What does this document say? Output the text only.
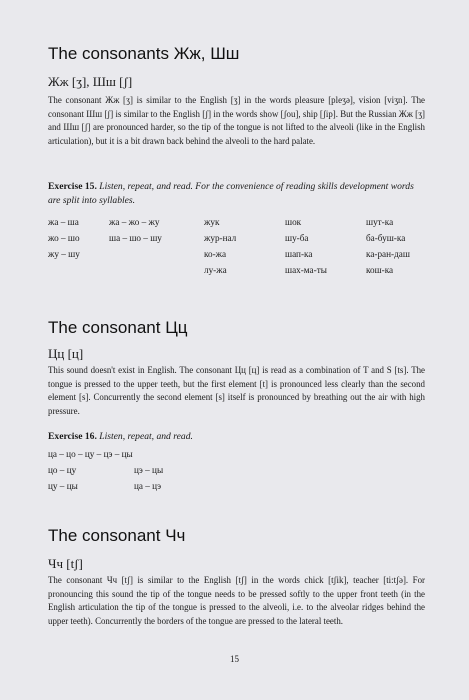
The consonants Жж, Шш

Жж [ʒ], Шш [ʃ]

The consonant Жж [ʒ] is similar to the English [ʒ] in the words pleasure [pleʒə], vision [viʒn]. The consonant Шш [ʃ] is similar to the English [ʃ] in the words show [ʃou], ship [ʃip]. But the Russian Жж [ʒ] and Шш [ʃ] are pronounced harder, so the tip of the tongue is not lifted to the alveoli (like in the English articulation), but it is a bit drawn back behind the alveoli to the hard palate.

Exercise 15. Listen, repeat, and read. For the convenience of reading skills development words are split into syllables.

жа – ша
жо – шо
жу – шу
жа – жо – жу
ша – шо – шу
жук
жур-нал
ко-жа
лу-жа
шок
шу-ба
шап-ка
шах-ма-ты
шут-ка
ба-буш-ка
ка-ран-даш
кош-ка
The consonant Цц

Цц [ц]

This sound doesn't exist in English. The consonant Цц [ц] is read as a combination of T and S [ts]. The tongue is pressed to the upper teeth, but the first element [t] is pronounced less clearly than the second element [s]. Concurrently the second element [s] itself is pronounced by breathing out the air with high pressure.

Exercise 16. Listen, repeat, and read.

ца – цо – цу – цэ – цы
цо – цу
цу – цы
цэ – цы
ца – цэ
The consonant Чч

Чч [tʃ]

The consonant Чч [tʃ] is similar to the English [tʃ] in the words chick [tʃik], teacher [ti:tʃə]. For pronouncing this sound the tip of the tongue needs to be pressed softly to the upper front teeth (in the English articulation the tip of the tongue is pressed to the alveoli, i.e. to the alveolar ridges behind the upper teeth). Concurrently the borders of the tongue are pressed to the lateral teeth.

15
